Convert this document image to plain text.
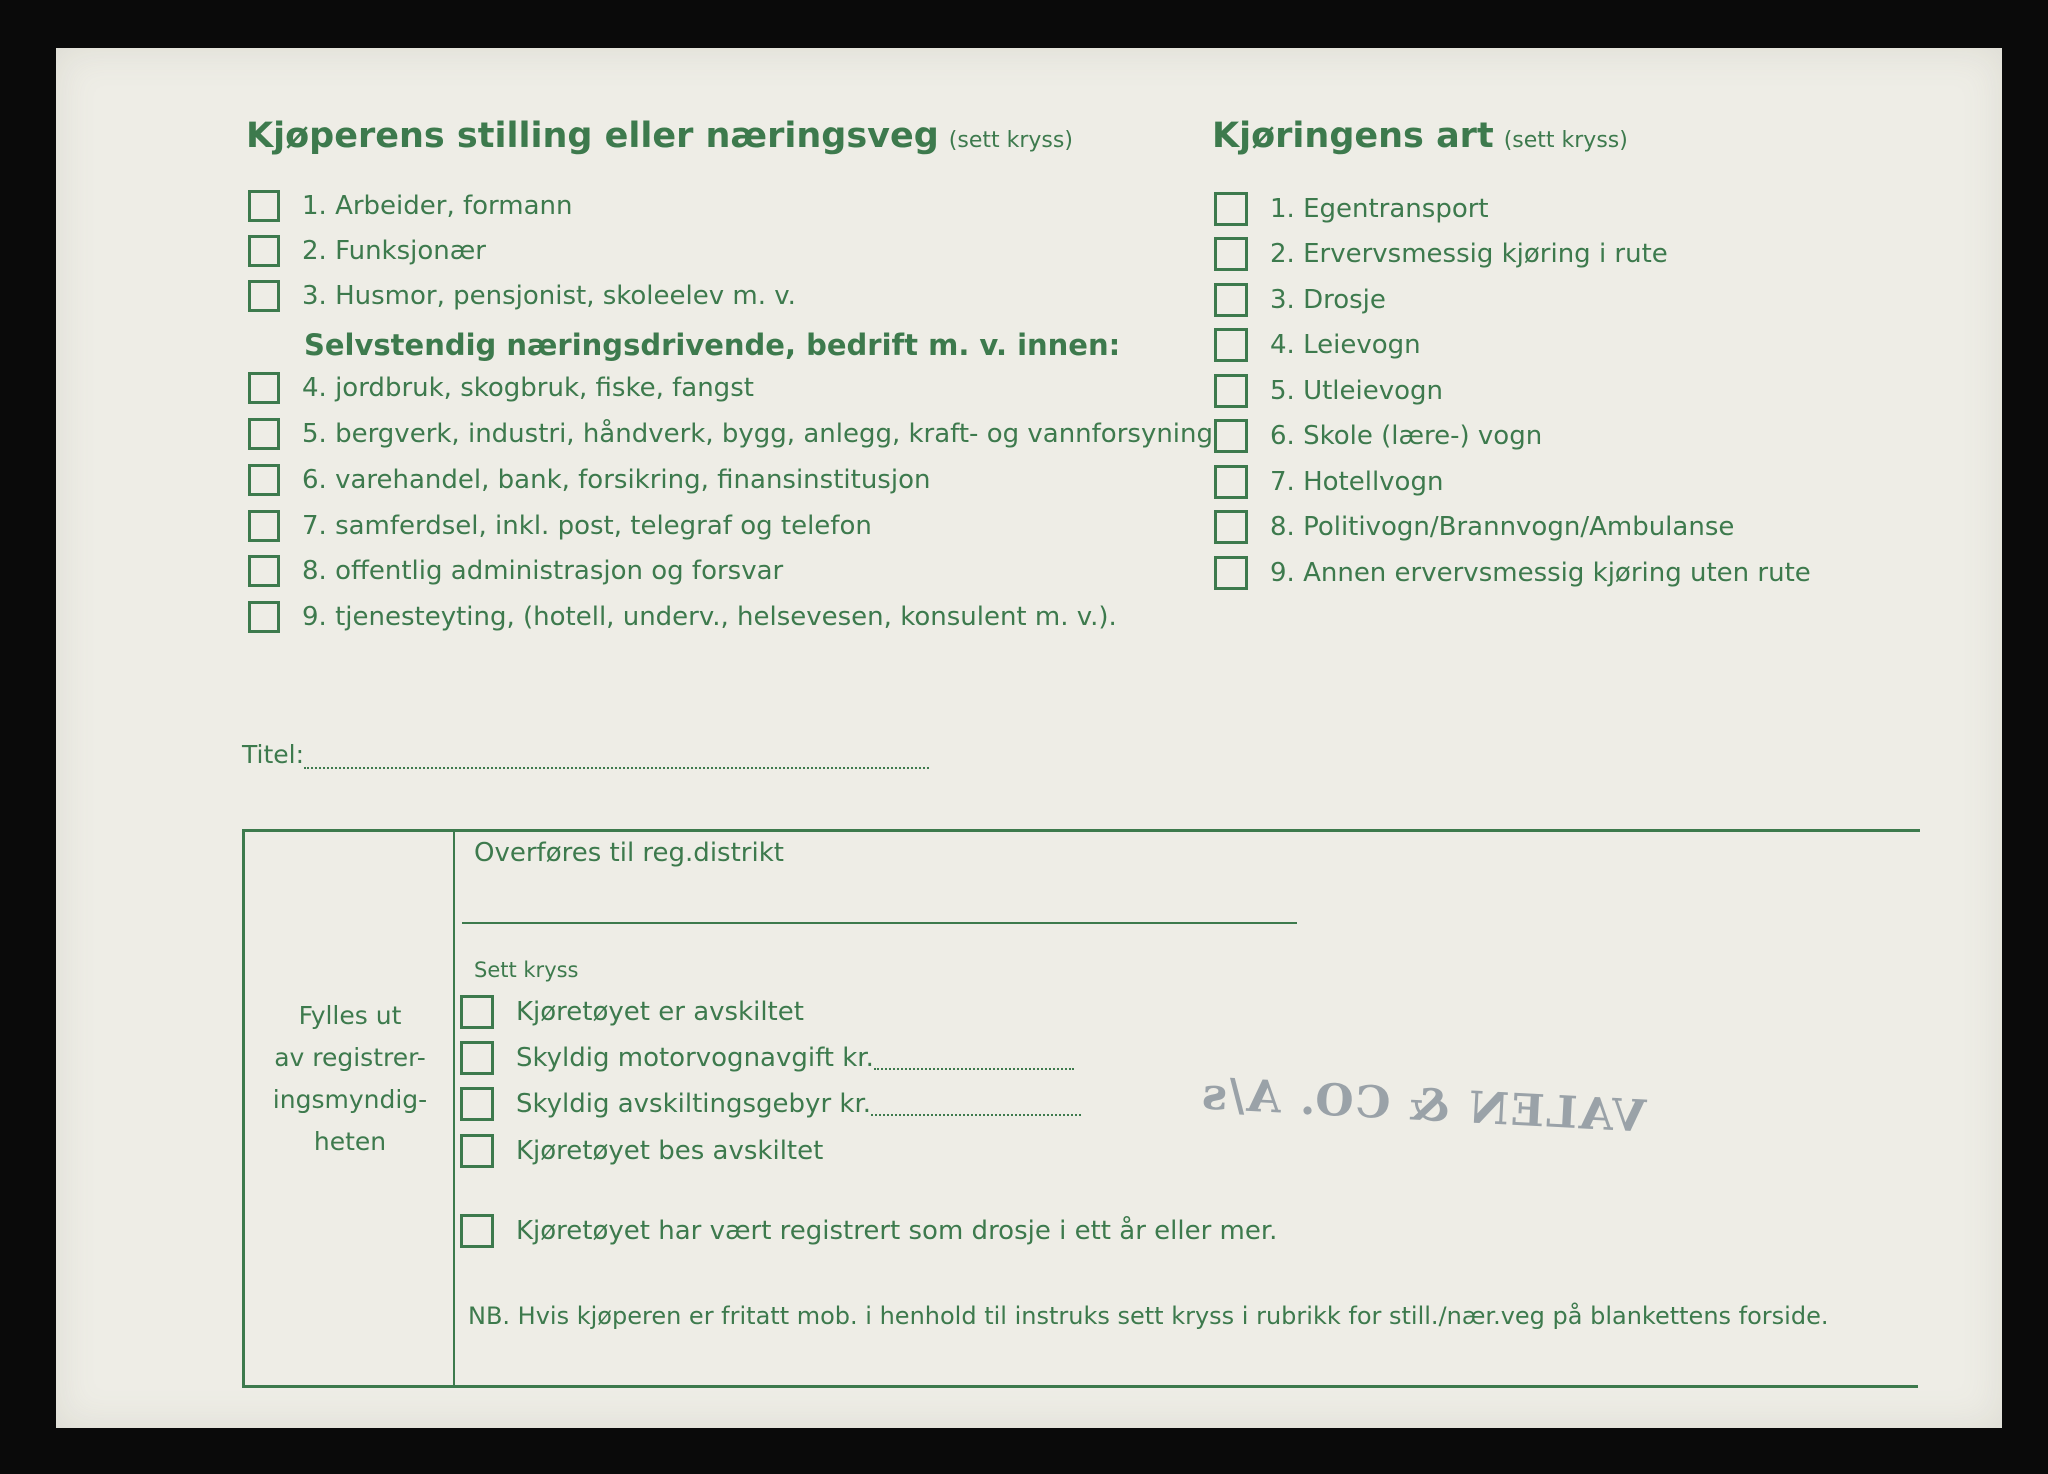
Kjøperens stilling eller næringsveg (sett kryss)
1. Arbeider, formann
2. Funksjonær
3. Husmor, pensjonist, skoleelev m. v.
Selvstendig næringsdrivende, bedrift m. v. innen:
4. jordbruk, skogbruk, fiske, fangst
5. bergverk, industri, håndverk, bygg, anlegg, kraft- og vannforsyning
6. varehandel, bank, forsikring, finansinstitusjon
7. samferdsel, inkl. post, telegraf og telefon
8. offentlig administrasjon og forsvar
9. tjenesteyting, (hotell, underv., helsevesen, konsulent m. v.).
Kjøringens art (sett kryss)
1. Egentransport
2. Ervervsmessig kjøring i rute
3. Drosje
4. Leievogn
5. Utleievogn
6. Skole (lære-) vogn
7. Hotellvogn
8. Politivogn/Brannvogn/Ambulanse
9. Annen ervervsmessig kjøring uten rute
Titel:
Fylles ut
av registrer-
ingsmyndig-
heten
Overføres til reg.distrikt
Sett kryss
Kjøretøyet er avskiltet
Skyldig motorvognavgift kr.
Skyldig avskiltingsgebyr kr.
Kjøretøyet bes avskiltet
Kjøretøyet har vært registrert som drosje i ett år eller mer.
NB. Hvis kjøperen er fritatt mob. i henhold til instruks sett kryss i rubrikk for still./nær.veg på blankettens forside.
VALEN & CO. A/s
